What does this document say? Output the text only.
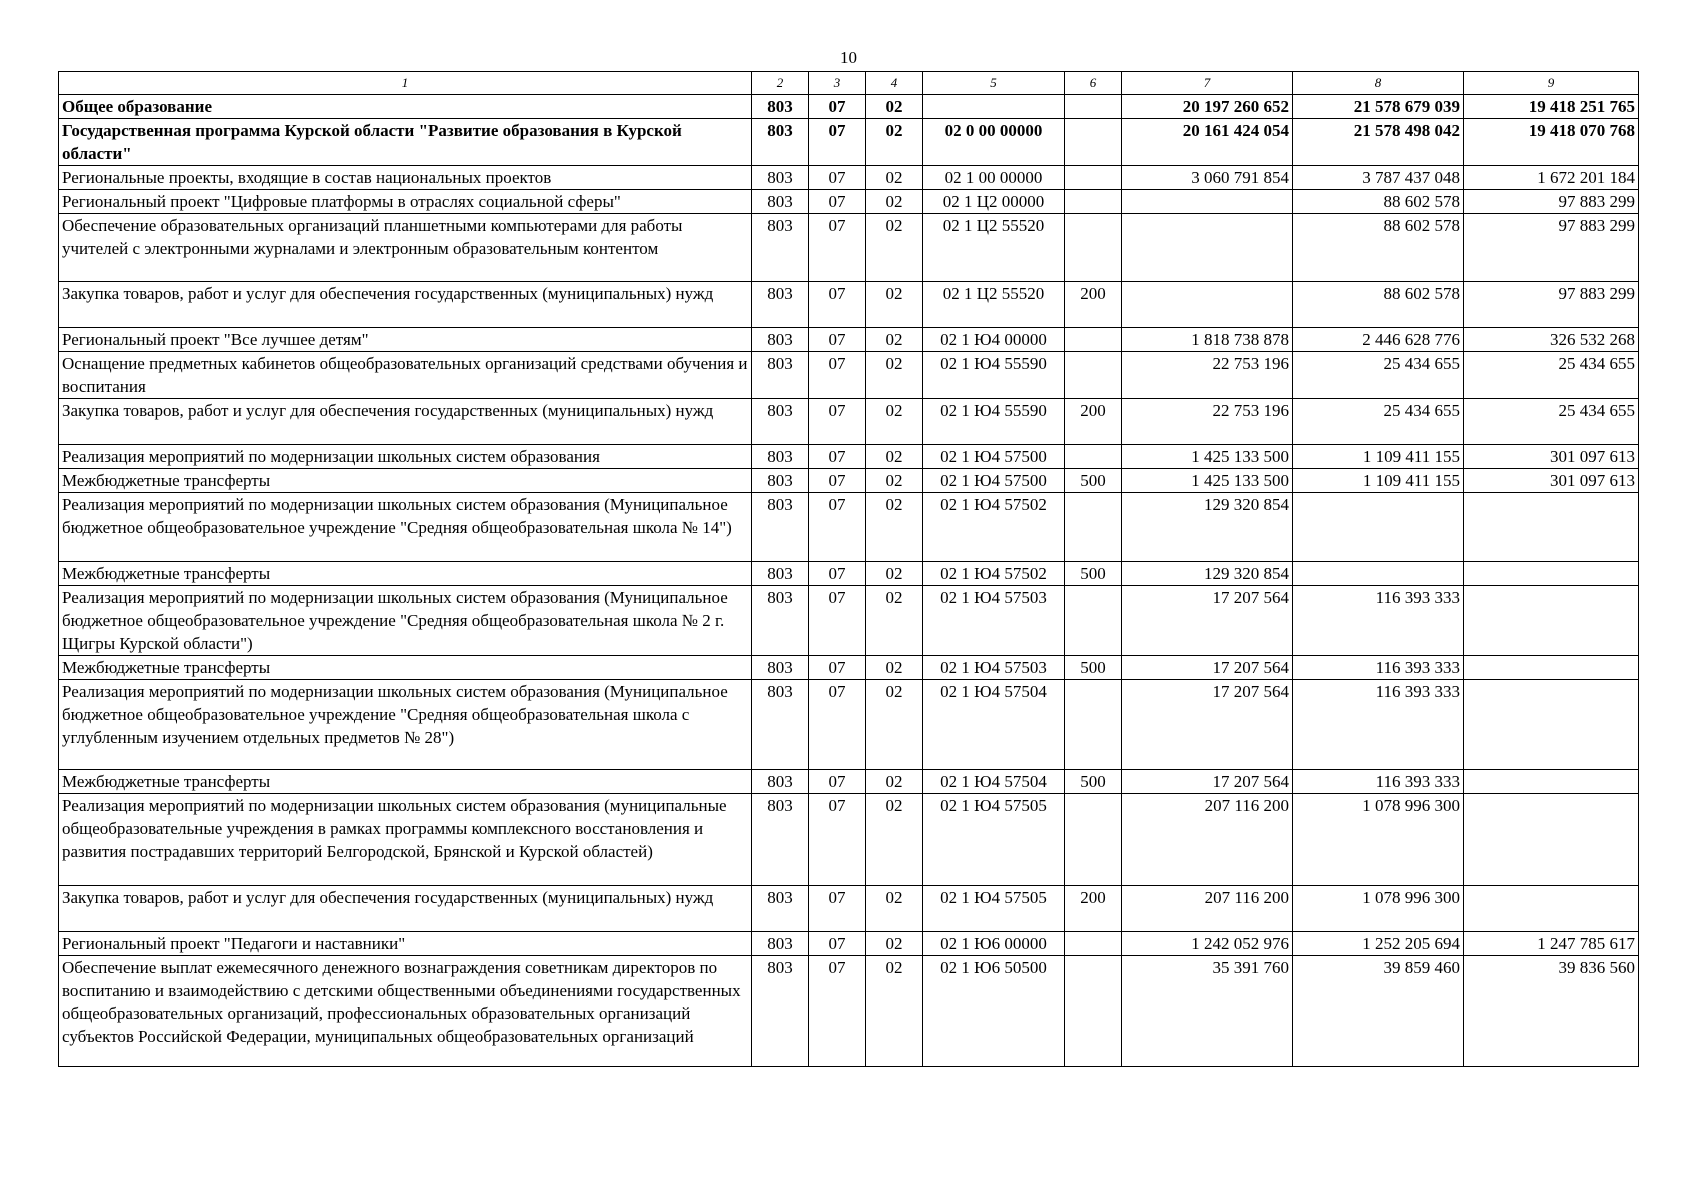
10
1	2	3	4	5	6	7	8	9
Общее образование	803	07	02			20 197 260 652	21 578 679 039	19 418 251 765
Государственная программа Курской области "Развитие образования в Курской области"	803	07	02	02 0 00 00000		20 161 424 054	21 578 498 042	19 418 070 768
Региональные проекты, входящие в состав национальных проектов	803	07	02	02 1 00 00000		3 060 791 854	3 787 437 048	1 672 201 184
Региональный проект "Цифровые платформы в отраслях социальной сферы"	803	07	02	02 1 Ц2 00000			88 602 578	97 883 299
Обеспечение образовательных организаций планшетными компьютерами для работы учителей с электронными журналами и электронным образовательным контентом	803	07	02	02 1 Ц2 55520			88 602 578	97 883 299
Закупка товаров, работ и услуг для обеспечения государственных (муниципальных) нужд	803	07	02	02 1 Ц2 55520	200		88 602 578	97 883 299
Региональный проект "Все лучшее детям"	803	07	02	02 1 Ю4 00000		1 818 738 878	2 446 628 776	326 532 268
Оснащение предметных кабинетов общеобразовательных организаций средствами обучения и воспитания	803	07	02	02 1 Ю4 55590		22 753 196	25 434 655	25 434 655
Закупка товаров, работ и услуг для обеспечения государственных (муниципальных) нужд	803	07	02	02 1 Ю4 55590	200	22 753 196	25 434 655	25 434 655
Реализация мероприятий по модернизации школьных систем образования	803	07	02	02 1 Ю4 57500		1 425 133 500	1 109 411 155	301 097 613
Межбюджетные трансферты	803	07	02	02 1 Ю4 57500	500	1 425 133 500	1 109 411 155	301 097 613
Реализация мероприятий по модернизации школьных систем образования (Муниципальное бюджетное общеобразовательное учреждение "Средняя общеобразовательная школа № 14")	803	07	02	02 1 Ю4 57502		129 320 854		
Межбюджетные трансферты	803	07	02	02 1 Ю4 57502	500	129 320 854		
Реализация мероприятий по модернизации школьных систем образования (Муниципальное бюджетное общеобразовательное учреждение "Средняя общеобразовательная школа № 2 г. Щигры Курской области")	803	07	02	02 1 Ю4 57503		17 207 564	116 393 333	
Межбюджетные трансферты	803	07	02	02 1 Ю4 57503	500	17 207 564	116 393 333	
Реализация мероприятий по модернизации школьных систем образования (Муниципальное бюджетное общеобразовательное учреждение "Средняя общеобразовательная школа с углубленным изучением отдельных предметов № 28")	803	07	02	02 1 Ю4 57504		17 207 564	116 393 333	
Межбюджетные трансферты	803	07	02	02 1 Ю4 57504	500	17 207 564	116 393 333	
Реализация мероприятий по модернизации школьных систем образования (муниципальные общеобразовательные учреждения в рамках программы комплексного восстановления и развития пострадавших территорий Белгородской, Брянской и Курской областей)	803	07	02	02 1 Ю4 57505		207 116 200	1 078 996 300	
Закупка товаров, работ и услуг для обеспечения государственных (муниципальных) нужд	803	07	02	02 1 Ю4 57505	200	207 116 200	1 078 996 300	
Региональный проект "Педагоги и наставники"	803	07	02	02 1 Ю6 00000		1 242 052 976	1 252 205 694	1 247 785 617
Обеспечение выплат ежемесячного денежного вознаграждения советникам директоров по воспитанию и взаимодействию с детскими общественными объединениями государственных общеобразовательных организаций, профессиональных образовательных организаций субъектов Российской Федерации, муниципальных общеобразовательных организаций	803	07	02	02 1 Ю6 50500		35 391 760	39 859 460	39 836 560
